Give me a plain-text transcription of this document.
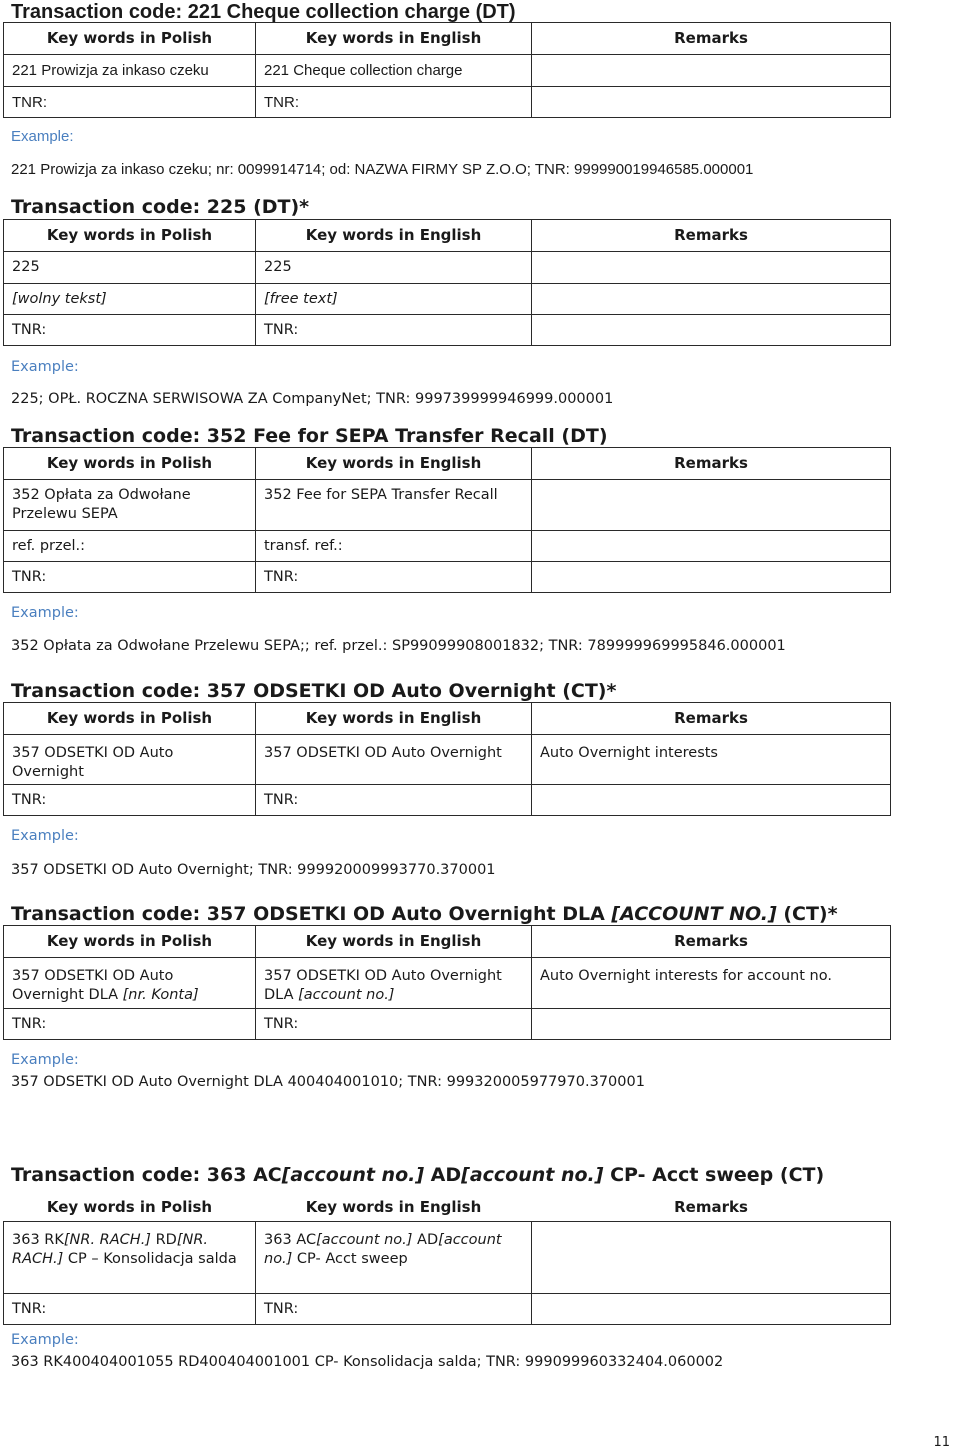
Transaction code: 221 Cheque collection charge (DT)
Key words in Polish	Key words in English	Remarks
221 Prowizja za inkaso czeku	221 Cheque collection charge	
TNR:	TNR:	
Example:
221 Prowizja za inkaso czeku; nr: 0099914714; od: NAZWA FIRMY SP Z.O.O; TNR: 999990019946585.000001
Transaction code: 225 (DT)*
Key words in Polish	Key words in English	Remarks
225	225	
[wolny tekst]	[free text]	
TNR:	TNR:	
Example:
225; OPŁ. ROCZNA SERWISOWA ZA CompanyNet; TNR: 999739999946999.000001
Transaction code: 352 Fee for SEPA Transfer Recall (DT)
Key words in Polish	Key words in English	Remarks
352 Opłata za Odwołane Przelewu SEPA	352 Fee for SEPA Transfer Recall	
ref. przel.:	transf. ref.:	
TNR:	TNR:	
Example:
352 Opłata za Odwołane Przelewu SEPA;; ref. przel.: SP99099908001832; TNR: 789999969995846.000001
Transaction code: 357 ODSETKI OD Auto Overnight (CT)*
Key words in Polish	Key words in English	Remarks
357 ODSETKI OD Auto Overnight	357 ODSETKI OD Auto Overnight	Auto Overnight interests
TNR:	TNR:	
Example:
357 ODSETKI OD Auto Overnight; TNR: 999920009993770.370001
Transaction code: 357 ODSETKI OD Auto Overnight DLA [ACCOUNT NO.] (CT)*
Key words in Polish	Key words in English	Remarks
357 ODSETKI OD Auto Overnight DLA [nr. Konta]	357 ODSETKI OD Auto Overnight DLA [account no.]	Auto Overnight interests for account no.
TNR:	TNR:	
Example:
357 ODSETKI OD Auto Overnight DLA 400404001010; TNR: 999320005977970.370001
Transaction code: 363 AC[account no.] AD[account no.] CP- Acct sweep (CT)
Key words in Polish	Key words in English	Remarks
363 RK[NR. RACH.] RD[NR. RACH.] CP – Konsolidacja salda	363 AC[account no.] AD[account no.] CP- Acct sweep	
TNR:	TNR:	
Example:
363 RK400404001055 RD400404001001 CP- Konsolidacja salda; TNR: 999099960332404.060002
11
